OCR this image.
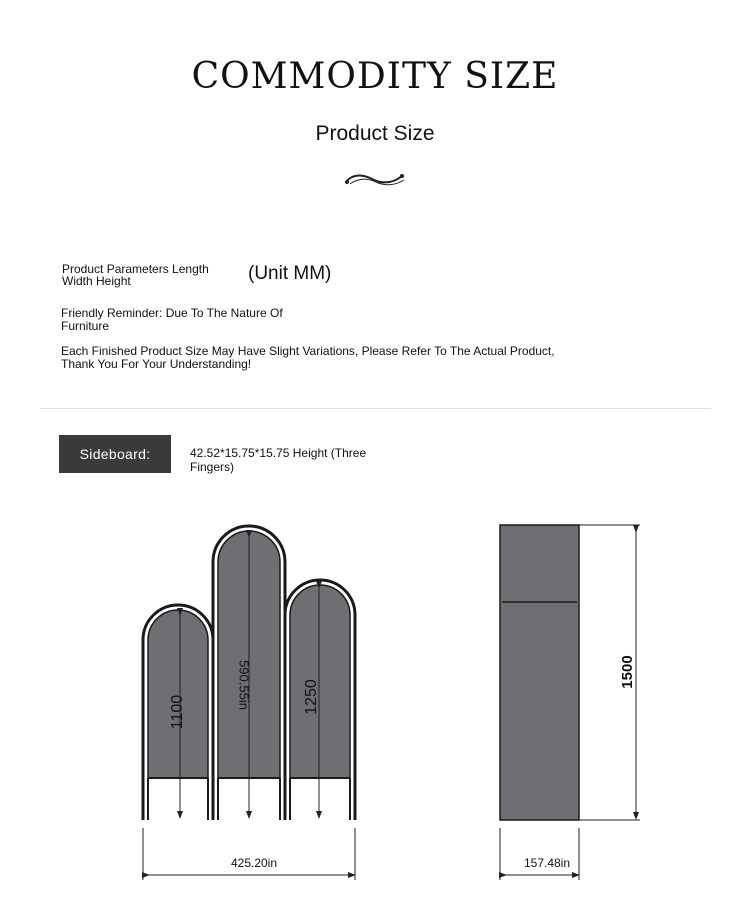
COMMODITY SIZE
Product Size
Product Parameters Length Width Height	(Unit MM)
Friendly Reminder: Due To The Nature Of Furniture
Each Finished Product Size May Have Slight Variations, Please Refer To The Actual Product, Thank You For Your Understanding!
Sideboard:	42.52*15.75*15.75 Height (Three Fingers)
1100
590.55in	1250
425.20in
1500
157.48in
